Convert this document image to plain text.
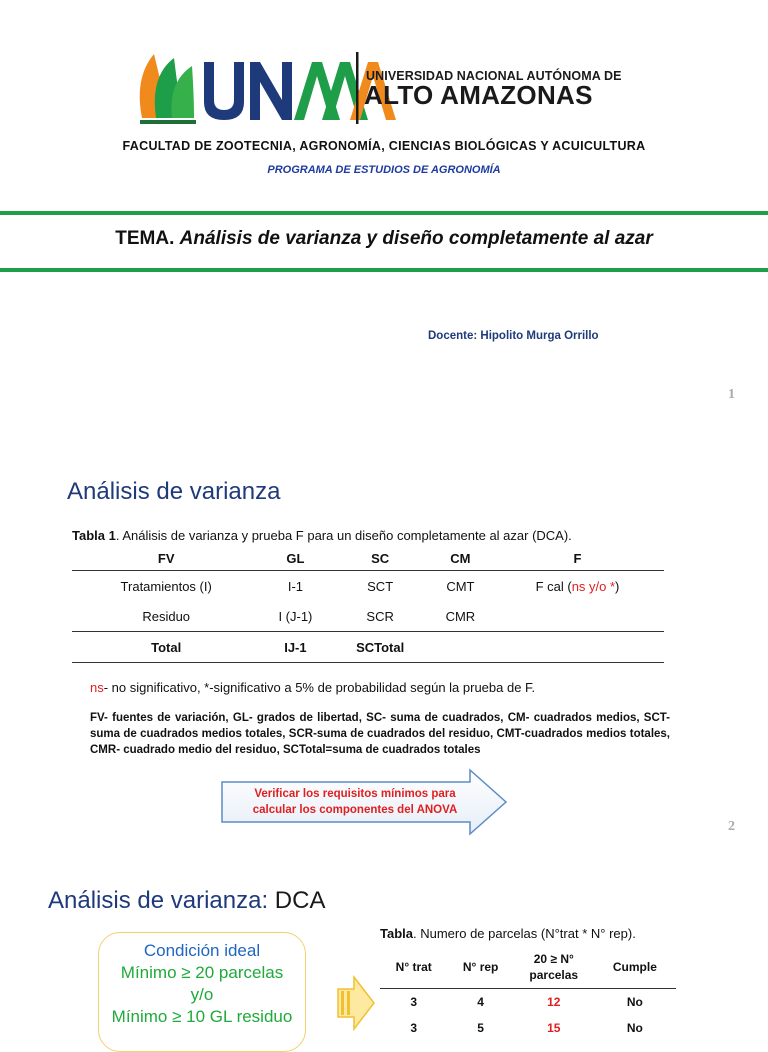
UNIVERSIDAD NACIONAL AUTÓNOMA DE
ALTO AMAZONAS
FACULTAD DE ZOOTECNIA, AGRONOMÍA, CIENCIAS BIOLÓGICAS Y ACUICULTURA
PROGRAMA DE ESTUDIOS DE AGRONOMÍA
TEMA. Análisis de varianza y diseño completamente al azar
Docente: Hipolito Murga Orrillo
1
Análisis de varianza
Tabla 1. Análisis de varianza y prueba F para un diseño completamente al azar (DCA).
FV	GL	SC	CM	F
Tratamientos (I)	I-1	SCT	CMT	F cal (ns y/o *)
Residuo	I (J-1)	SCR	CMR	
Total	IJ-1	SCTotal		
ns- no significativo, *-significativo a 5% de probabilidad según la prueba de F.
FV- fuentes de variación, GL- grados de libertad, SC- suma de cuadrados, CM- cuadrados medios, SCT-suma de cuadrados medios totales, SCR-suma de cuadrados del residuo, CMT-cuadrados medios totales, CMR- cuadrado medio del residuo, SCTotal=suma de cuadrados totales
Verificar los requisitos mínimos para
calcular los componentes del ANOVA
2
Análisis de varianza: DCA
Condición ideal
Mínimo ≥ 20 parcelas
y/o
Mínimo ≥ 10 GL residuo
Tabla. Numero de parcelas (N°trat * N° rep).
N° trat	N° rep	20 ≥ N° parcelas	Cumple
3	4	12	No
3	5	15	No
